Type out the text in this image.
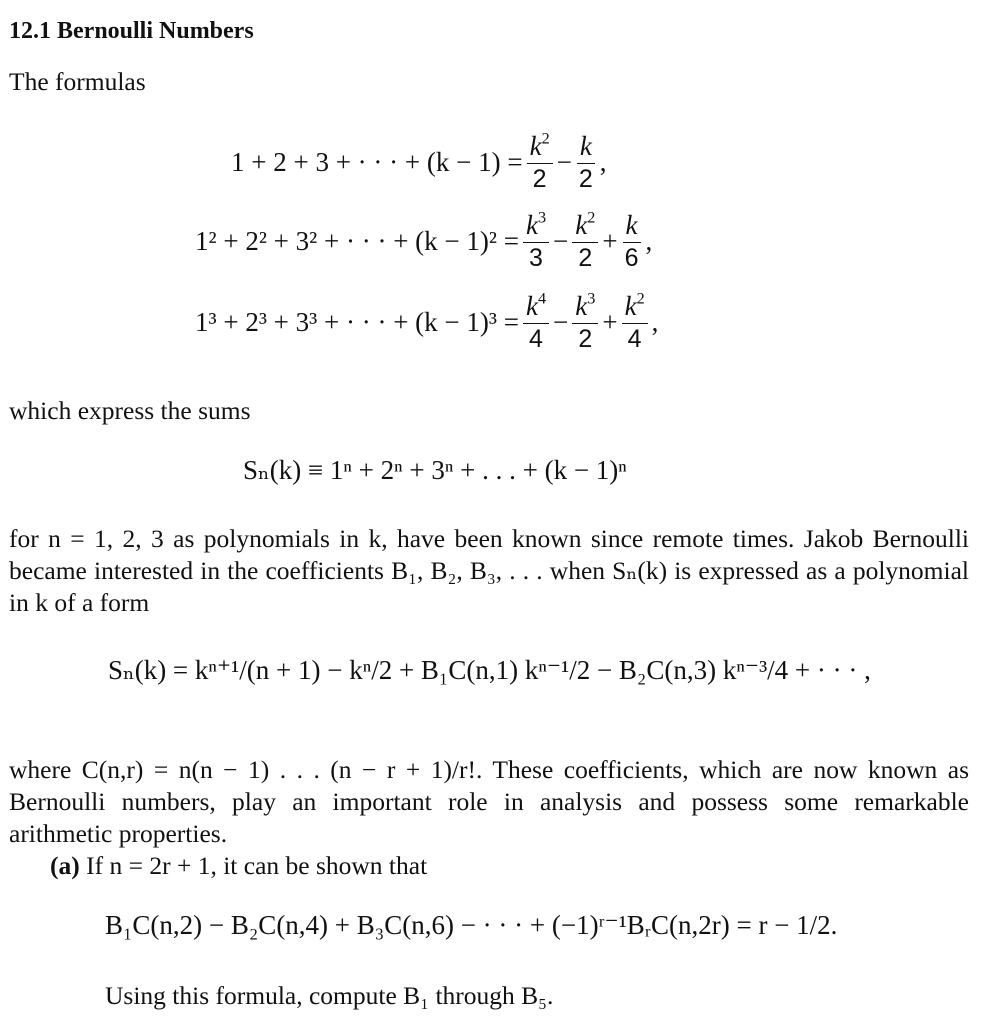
12.1 Bernoulli Numbers
The formulas
1 + 2 + 3 + · · · + $(k - 1) = \frac{k^2}{2} - \frac{k}{2}$ ,
1² + 2² + 3² + · · · + $(k - 1)^2 = \frac{k^3}{3} - \frac{k^2}{2} + \frac{k}{6}$ ,
1³ + 2³ + 3³ + · · · + $(k - 1)^3 = \frac{k^4}{4} - \frac{k^3}{2} + \frac{k^2}{4}$ ,
which express the sums
Sₙ(k) ≡ 1ⁿ + 2ⁿ + 3ⁿ + . . . + (k − 1)ⁿ
for n = 1, 2, 3 as polynomials in k, have been known since remote times. Jakob Bernoulli became interested in the coefficients B₁, B₂, B₃, . . . when Sₙ(k) is expressed as a polynomial in k of a form
Sₙ(k) = kⁿ⁺¹/(n + 1) − kⁿ/2 + B₁C(n,1) kⁿ⁻¹/2 − B₂C(n,3) kⁿ⁻³/4 + · · · ,
where C(n,r) = n(n − 1) . . . (n − r + 1)/r!. These coefficients, which are now known as Bernoulli numbers, play an important role in analysis and possess some remarkable arithmetic properties.
(a) If n = 2r + 1, it can be shown that
B₁C(n,2) − B₂C(n,4) + B₃C(n,6) − · · · + (−1)ʳ⁻¹BᵣC(n,2r) = r − 1/2.
Using this formula, compute B₁ through B₅.
